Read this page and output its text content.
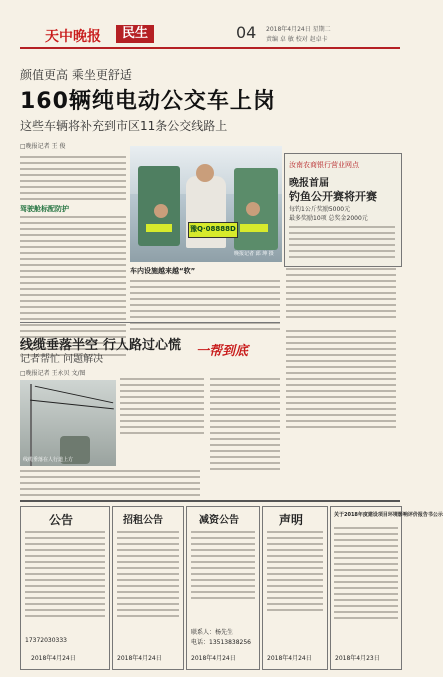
天中晚报	民生	04 2018年4月24日 星期二
责编 卓 敏 校对 赵卓卡
颜值更高 乘坐更舒适
160辆纯电动公交车上岗
这些车辆将补充到市区11条公交线路上
□晚报记者 王 俊
驾驶舱标配防护
豫Q·08888D
晚报记者 邱 坤 摄
车内设施越来越“软”
汝南农商银行营业网点
晚报首届
钓鱼公开赛将开赛
每钓1公斤奖励5000元
最多奖励10项 总奖金2000元
线缆垂落半空 行人路过心慌
记者帮忙 问题解决
一帮到底
□晚报记者 王永贝 文/图
线缆垂落在人行道上方
公告
17372030333
2018年4月24日
招租公告
2018年4月24日
减资公告
联系人：杨先生
电话：13513838256
2018年4月24日
声明
2018年4月24日
关于2018年度建设项目环境影响评价报告书公示
2018年4月23日
